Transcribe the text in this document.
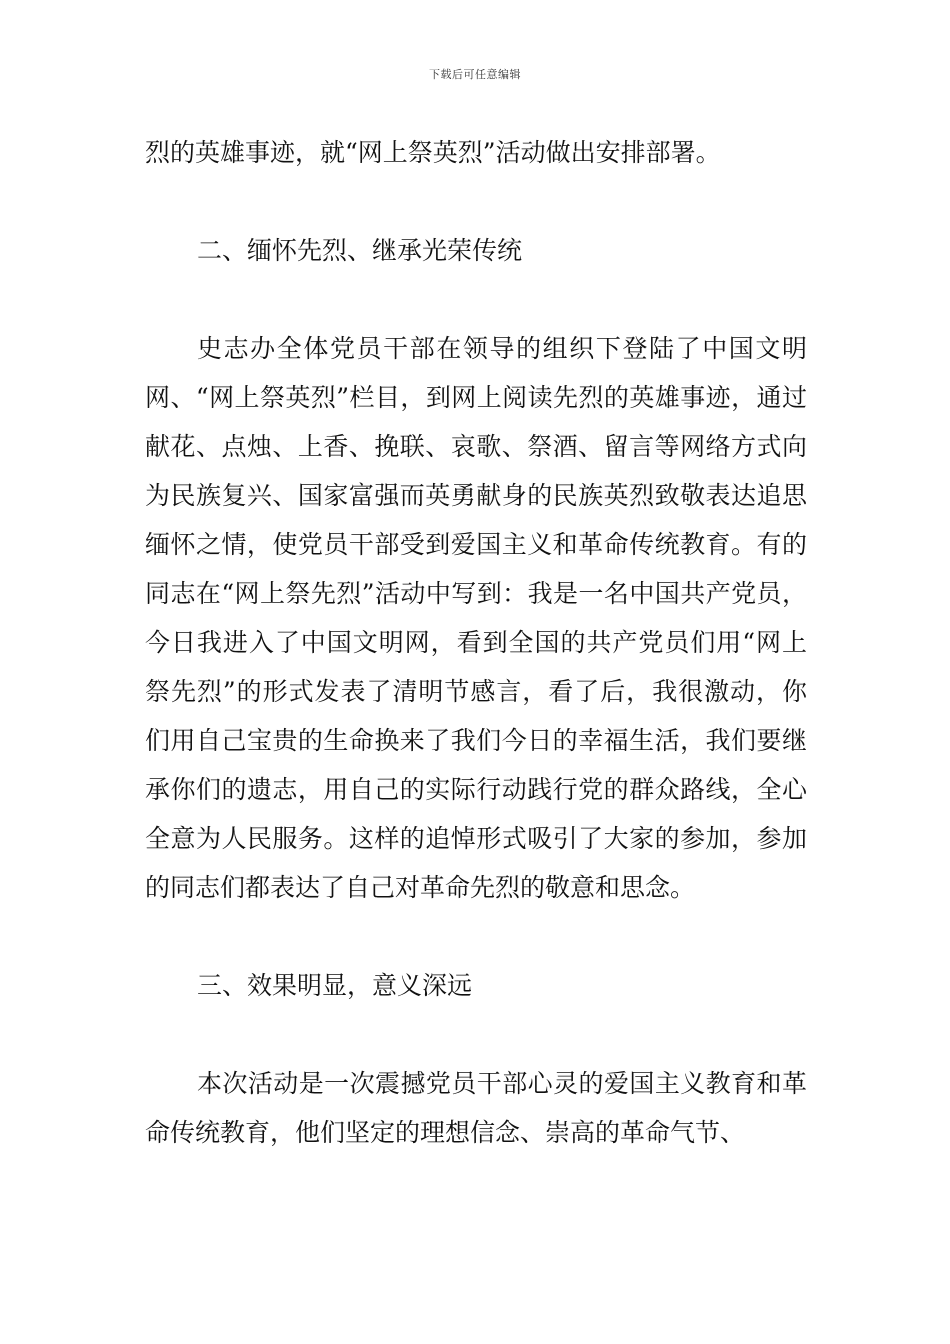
下载后可任意编辑

烈的英雄事迹，就“网上祭英烈”活动做出安排部署。

二、缅怀先烈、继承光荣传统

史志办全体党员干部在领导的组织下登陆了中国文明网、“网上祭英烈”栏目，到网上阅读先烈的英雄事迹，通过献花、点烛、上香、挽联、哀歌、祭酒、留言等网络方式向为民族复兴、国家富强而英勇献身的民族英烈致敬表达追思缅怀之情，使党员干部受到爱国主义和革命传统教育。有的同志在“网上祭先烈”活动中写到：我是一名中国共产党员，今日我进入了中国文明网，看到全国的共产党员们用“网上祭先烈”的形式发表了清明节感言，看了后，我很激动，你们用自己宝贵的生命换来了我们今日的幸福生活，我们要继承你们的遗志，用自己的实际行动践行党的群众路线，全心全意为人民服务。这样的追悼形式吸引了大家的参加，参加的同志们都表达了自己对革命先烈的敬意和思念。

三、效果明显，意义深远

本次活动是一次震撼党员干部心灵的爱国主义教育和革命传统教育，他们坚定的理想信念、崇高的革命气节、
